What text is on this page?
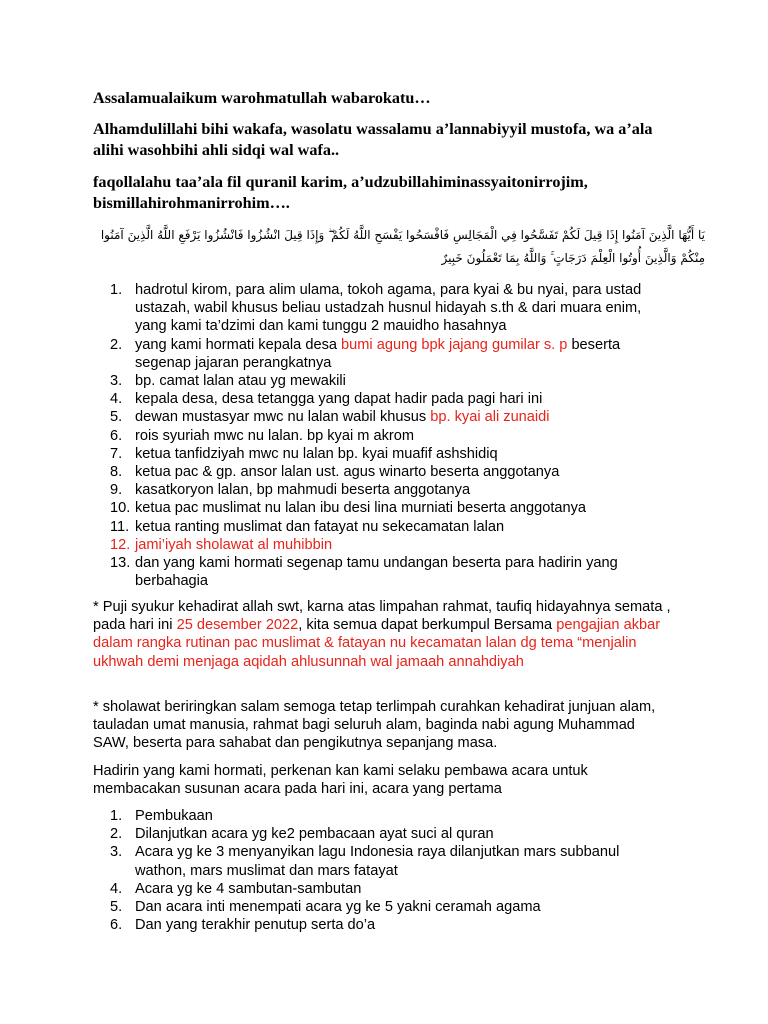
Assalamualaikum warohmatullah wabarokatu…

Alhamdulillahi bihi wakafa, wasolatu wassalamu a’lannabiyyil mustofa, wa a’ala alihi wasohbihi ahli sidqi wal wafa..

faqollalahu taa’ala fil quranil karim, a’udzubillahiminassyaitonirrojim, bismillahirohmanirrohim….

يَا أَيُّهَا الَّذِينَ آمَنُوا إِذَا قِيلَ لَكُمْ تَفَسَّحُوا فِي الْمَجَالِسِ فَافْسَحُوا يَفْسَحِ اللَّهُ لَكُمْ ۖ وَإِذَا قِيلَ انْشُزُوا فَانْشُزُوا يَرْفَعِ اللَّهُ الَّذِينَ آمَنُوا مِنْكُمْ وَالَّذِينَ أُوتُوا الْعِلْمَ دَرَجَاتٍ ۚ وَاللَّهُ بِمَا تَعْمَلُونَ خَبِيرٌ
1. hadrotul kirom, para alim ulama, tokoh agama, para kyai & bu nyai, para ustad ustazah, wabil khusus beliau ustadzah husnul hidayah s.th & dari muara enim, yang kami ta’dzimi dan kami tunggu 2 mauidho hasahnya
2. yang kami hormati kepala desa bumi agung bpk jajang gumilar s. p beserta segenap jajaran perangkatnya
3. bp. camat lalan atau yg mewakili
4. kepala desa, desa tetangga yang dapat hadir pada pagi hari ini
5. dewan mustasyar mwc nu lalan wabil khusus bp. kyai ali zunaidi
6. rois syuriah mwc nu lalan. bp kyai m akrom
7. ketua tanfidziyah mwc nu lalan bp. kyai muafif ashshidiq
8. ketua pac & gp. ansor lalan ust. agus winarto beserta anggotanya
9. kasatkoryon lalan, bp mahmudi beserta anggotanya
10. ketua pac muslimat nu lalan ibu desi lina murniati beserta anggotanya
11. ketua ranting muslimat dan fatayat nu sekecamatan lalan
12. jami’iyah sholawat al muhibbin
13. dan yang kami hormati segenap tamu undangan beserta para hadirin yang berbahagia

* Puji syukur kehadirat allah swt, karna atas limpahan rahmat, taufiq hidayahnya semata , pada hari ini 25 desember 2022, kita semua dapat berkumpul Bersama pengajian akbar dalam rangka rutinan pac muslimat & fatayan nu kecamatan lalan dg tema “menjalin ukhwah demi menjaga aqidah ahlusunnah wal jamaah annahdiyah

* sholawat beriringkan salam semoga tetap terlimpah curahkan kehadirat junjuan alam, tauladan umat manusia, rahmat bagi seluruh alam, baginda nabi agung Muhammad SAW, beserta para sahabat dan pengikutnya sepanjang masa.

Hadirin yang kami hormati, perkenan kan kami selaku pembawa acara untuk membacakan susunan acara pada hari ini, acara yang pertama

1. Pembukaan
2. Dilanjutkan acara yg ke2 pembacaan ayat suci al quran
3. Acara yg ke 3 menyanyikan lagu Indonesia raya dilanjutkan mars subbanul wathon, mars muslimat dan mars fatayat
4. Acara yg ke 4 sambutan-sambutan
5. Dan acara inti menempati acara yg ke 5 yakni ceramah agama
6. Dan yang terakhir penutup serta do’a
